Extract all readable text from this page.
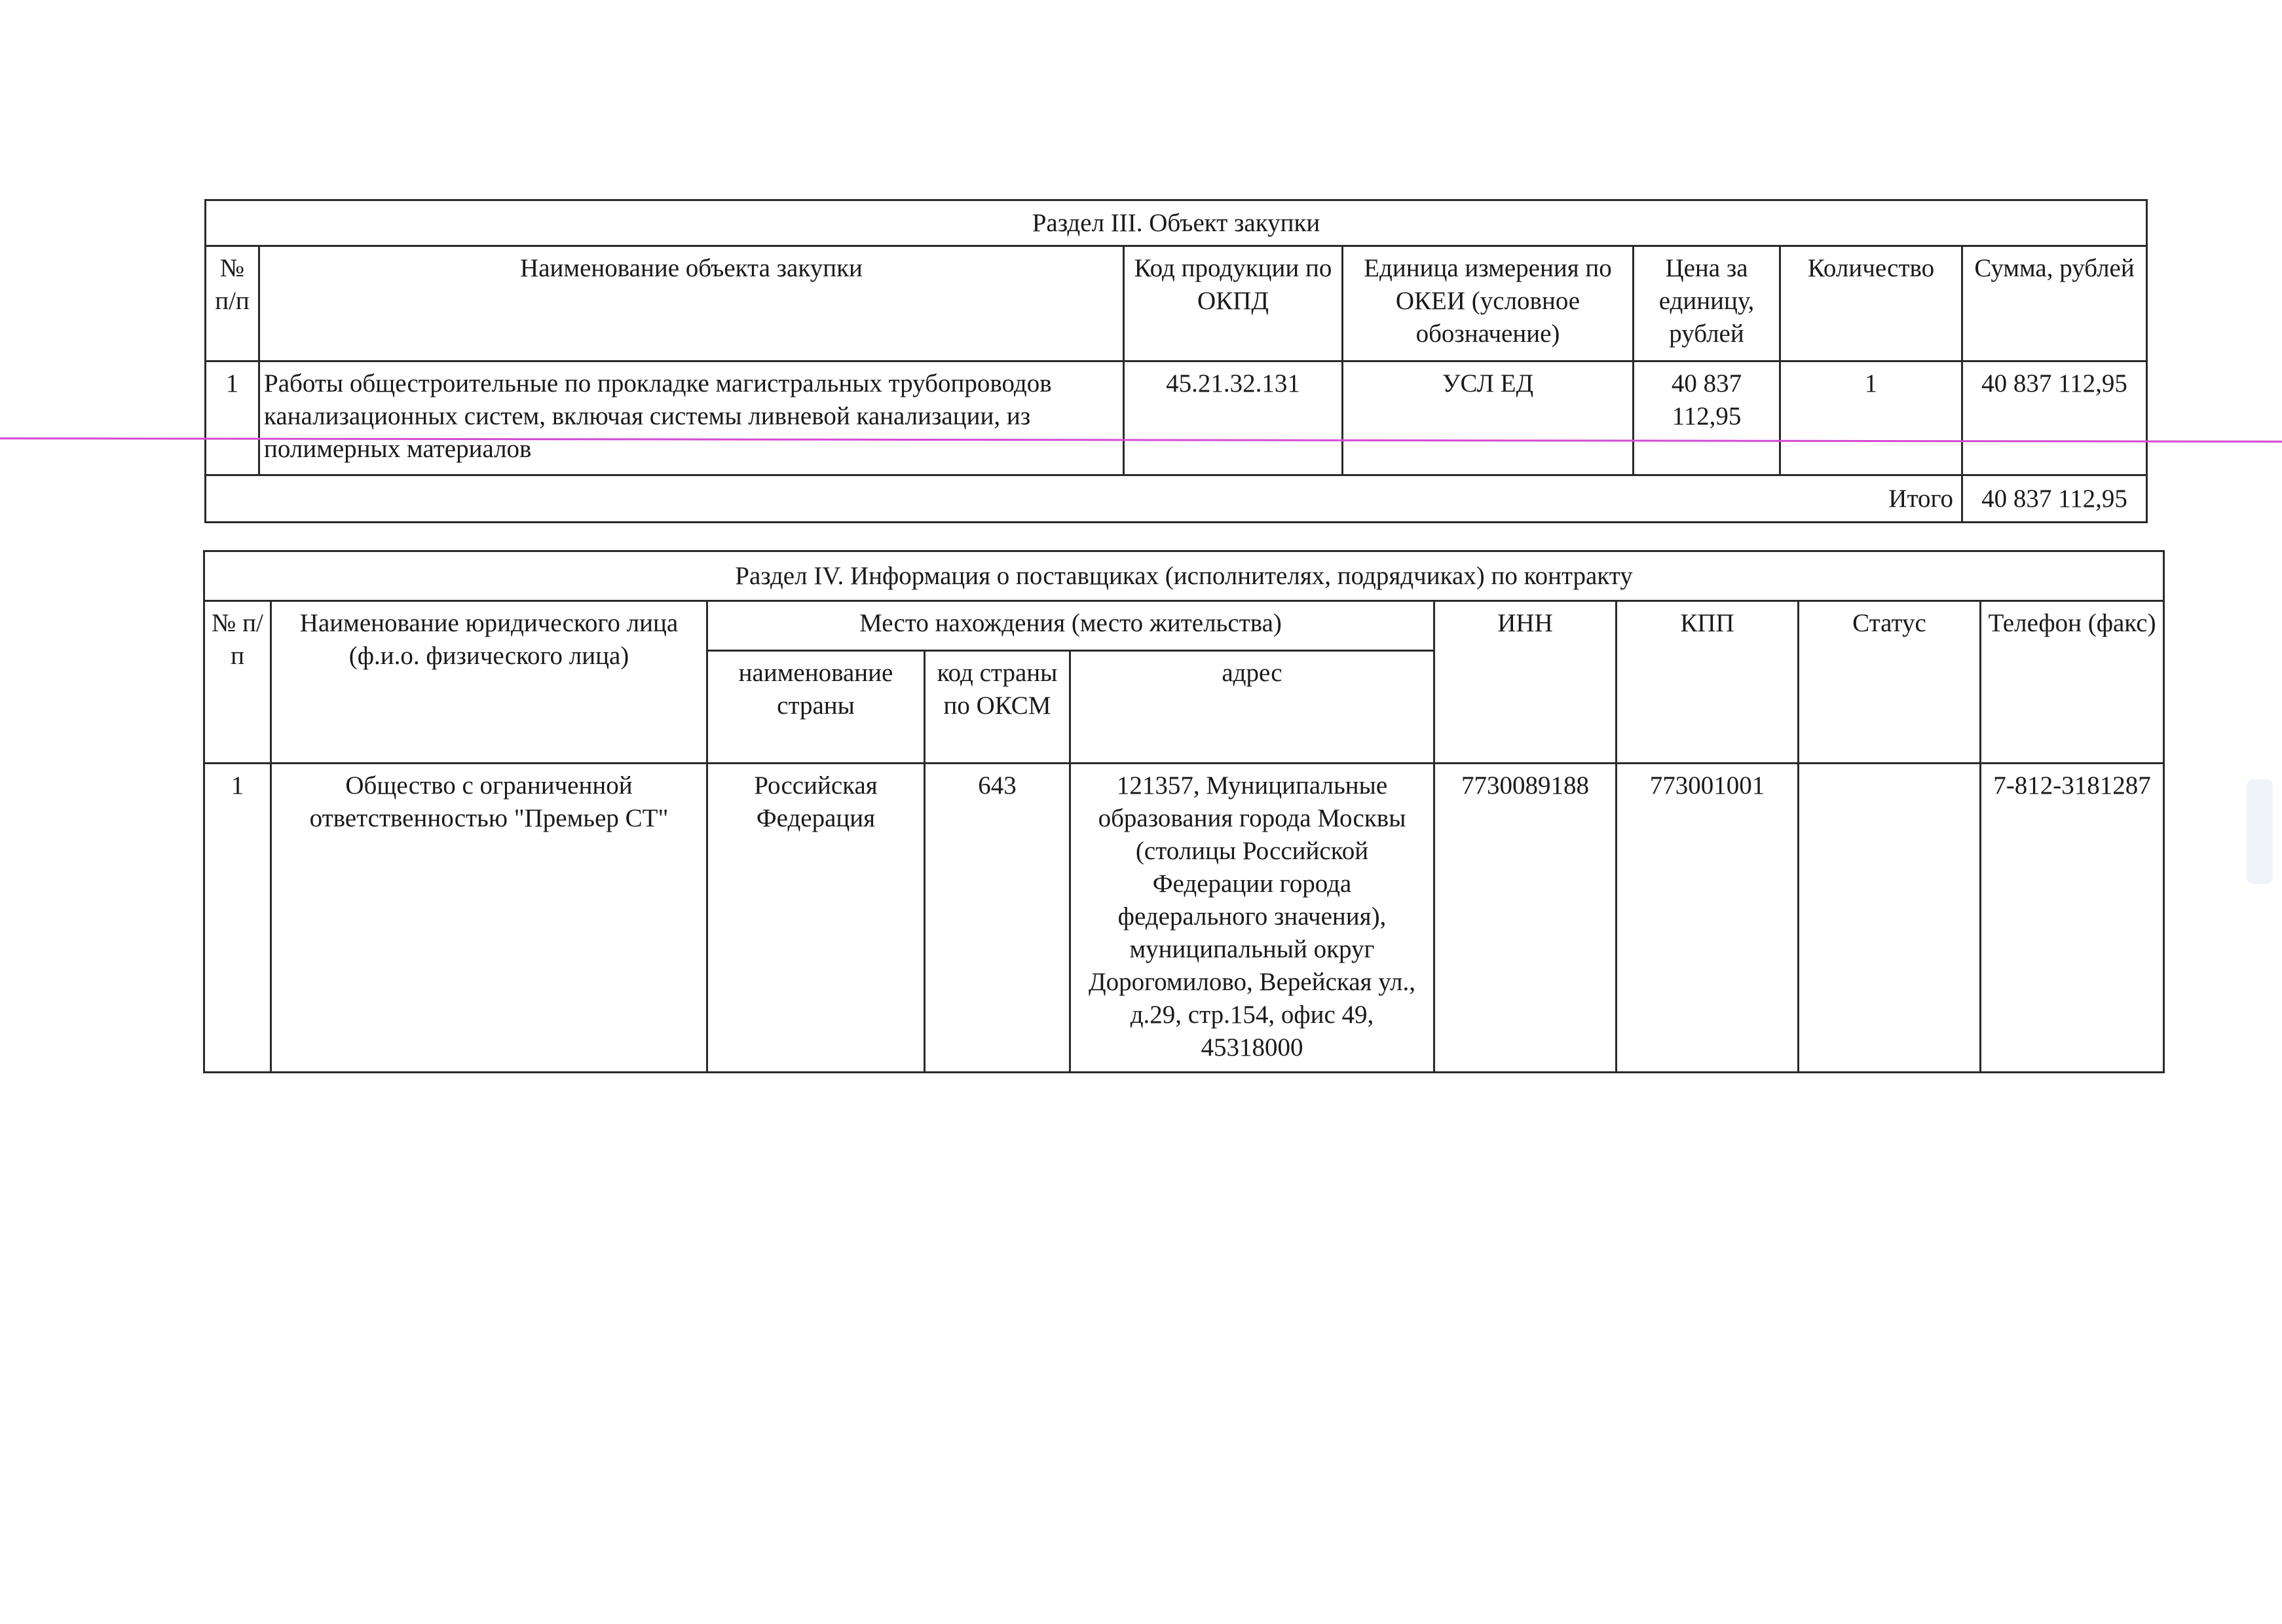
Раздел III. Объект закупки						
№ п/п	Наименование объекта закупки	Код продукции по ОКПД	Единица измерения по ОКЕИ (условное обозначение)	Цена за единицу, рублей	Количество	Сумма, рублей
1	Работы общестроительные по прокладке магистральных трубопроводов канализационных систем, включая системы ливневой канализации, из полимерных материалов	45.21.32.131	УСЛ ЕД	40 837 112,95	1	40 837 112,95
Итого						40 837 112,95
Раздел IV. Информация о поставщиках (исполнителях, подрядчиках) по контракту								
№ п/п	Наименование юридического лица (ф.и.о. физического лица)	Место нахождения (место жительства)			ИНН	КПП	Статус	Телефон (факс)
		наименование страны	код страны по ОКСМ	адрес				
1	Общество с ограниченной ответственностью "Премьер СТ"	Российская Федерация	643	121357, Муниципальные образования города Москвы (столицы Российской Федерации города федерального значения), муниципальный округ Дорогомилово, Верейская ул., д.29, стр.154, офис 49, 45318000	7730089188	773001001		7-812-3181287
